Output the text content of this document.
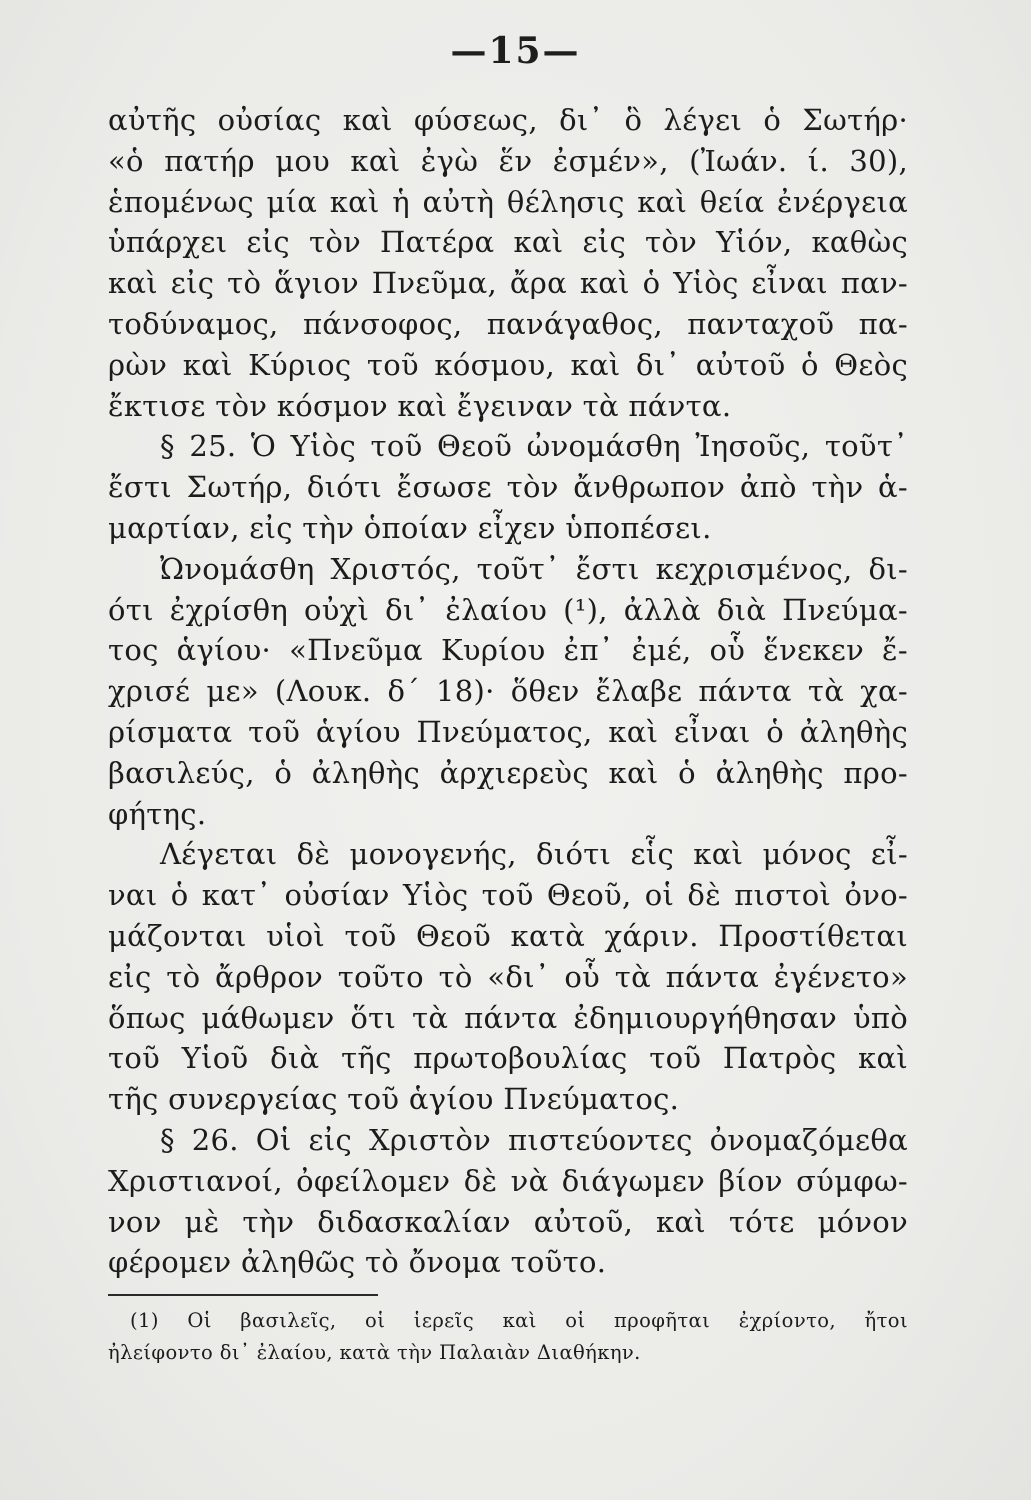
—15—
αὐτῆς οὐσίας καὶ φύσεως, δι᾽ ὃ λέγει ὁ Σωτήρ·
«ὁ πατήρ μου καὶ ἐγὼ ἕν ἐσμέν», (Ἰωάν. ί. 30),
ἑπομένως μία καὶ ἡ αὐτὴ θέλησις καὶ θεία ἐνέργεια
ὑπάρχει εἰς τὸν Πατέρα καὶ εἰς τὸν Υἱόν, καθὼς
καὶ εἰς τὸ ἅγιον Πνεῦμα, ἄρα καὶ ὁ Υἱὸς εἶναι παν-
τοδύναμος, πάνσοφος, πανάγαθος, πανταχοῦ πα-
ρὼν καὶ Κύριος τοῦ κόσμου, καὶ δι᾽ αὐτοῦ ὁ Θεὸς
ἔκτισε τὸν κόσμον καὶ ἔγειναν τὰ πάντα.
§ 25. Ὁ Υἱὸς τοῦ Θεοῦ ὠνομάσθη Ἰησοῦς, τοῦτ᾽
ἔστι Σωτήρ, διότι ἔσωσε τὸν ἄνθρωπον ἀπὸ τὴν ἁ-
μαρτίαν, εἰς τὴν ὁποίαν εἶχεν ὑποπέσει.
Ὠνομάσθη Χριστός, τοῦτ᾽ ἔστι κεχρισμένος, δι-
ότι ἐχρίσθη οὐχὶ δι᾽ ἐλαίου (¹), ἀλλὰ διὰ Πνεύμα-
τος ἁγίου· «Πνεῦμα Κυρίου ἐπ᾽ ἐμέ, οὗ ἕνεκεν ἔ-
χρισέ με» (Λουκ. δ´ 18)· ὅθεν ἔλαβε πάντα τὰ χα-
ρίσματα τοῦ ἁγίου Πνεύματος, καὶ εἶναι ὁ ἀληθὴς
βασιλεύς, ὁ ἀληθὴς ἀρχιερεὺς καὶ ὁ ἀληθὴς προ-
φήτης.
Λέγεται δὲ μονογενής, διότι εἷς καὶ μόνος εἶ-
ναι ὁ κατ᾽ οὐσίαν Υἱὸς τοῦ Θεοῦ, οἱ δὲ πιστοὶ ὀνο-
μάζονται υἱοὶ τοῦ Θεοῦ κατὰ χάριν. Προστίθεται
εἰς τὸ ἄρθρον τοῦτο τὸ «δι᾽ οὗ τὰ πάντα ἐγένετο»
ὅπως μάθωμεν ὅτι τὰ πάντα ἐδημιουργήθησαν ὑπὸ
τοῦ Υἱοῦ διὰ τῆς πρωτοβουλίας τοῦ Πατρὸς καὶ
τῆς συνεργείας τοῦ ἁγίου Πνεύματος.
§ 26. Οἱ εἰς Χριστὸν πιστεύοντες ὀνομαζόμεθα
Χριστιανοί, ὀφείλομεν δὲ νὰ διάγωμεν βίον σύμφω-
νον μὲ τὴν διδασκαλίαν αὐτοῦ, καὶ τότε μόνον
φέρομεν ἀληθῶς τὸ ὄνομα τοῦτο.
(1) Οἱ βασιλεῖς, οἱ ἱερεῖς καὶ οἱ προφῆται ἐχρίοντο, ἤτοι
ἠλείφοντο δι᾽ ἐλαίου, κατὰ τὴν Παλαιὰν Διαθήκην.
